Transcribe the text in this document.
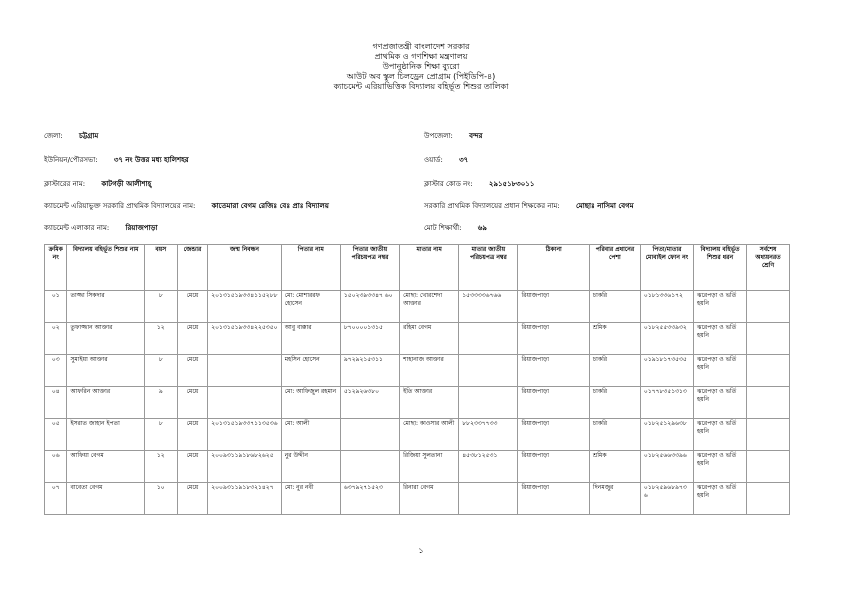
গণপ্রজাতন্ত্রী বাংলাদেশ সরকার
প্রাথমিক ও গণশিক্ষা মন্ত্রণালয়
উপানুষ্ঠানিক শিক্ষা ব্যুরো
আউট অব স্কুল চিলড্রেন প্রোগ্রাম (পিইডিপি-৪)
ক্যাচমেন্ট এরিয়াভিত্তিক বিদ্যালয় বহির্ভূত শিশুর তালিকা
জেলা: চট্টগ্রাম	উপজেলা: বন্দর
ইউনিয়ন/পৌরসভা: ৩৭ নং উত্তর মধ্য হালিশহর	ওয়ার্ড: ৩৭
ক্লাস্টারের নাম: কাটগড়ী আলীশাহ্	ক্লাস্টার কোড নং: ২৯১৫১৮৩০১১
ক্যাচমেন্ট এরিয়াভুক্ত সরকারি প্রাথমিক বিদ্যালয়ের নাম: কাতেমারা বেগম রেজিঃ বেঃ প্রাঃ বিদ্যালয়	সরকারি প্রাথমিক বিদ্যালয়ের প্রধান শিক্ষকের নাম: মোছাঃ নাসিমা বেগম
ক্যাচমেন্ট এলাকার নাম: রিয়াজপাড়া	মোট শিক্ষার্থী: ৬৯
ক্রমিক নং	বিদ্যালয় বহির্ভূত শিশুর নাম	বয়স	জেন্ডার	জন্ম নিবন্ধন	পিতার নাম	পিতার জাতীয় পরিচয়পত্র নম্বর	মাতার নাম	মাতার জাতীয় পরিচয়পত্র নম্বর	ঠিকানা	পরিবার প্রধানের পেশা	পিতা/মাতার মোবাইল ফোন নং	বিদ্যালয় বহির্ভূত শিশুর ধরন	সর্বশেষ অধ্যয়নরত শ্রেণি
০১	তাজ্জা সিকদার	৮	মেয়ে	২০১৩১৫১৯৩৩৪১১৫২৮৮	মো: মোশাররফ হোসেন	১৫০২৩৯৩৩৪৭ ৬০	মোছা: খোরশেদা আক্তার	১৫৩৩৩৩৬৭৬৬	রিয়াজপাড়া	চাকরি	০১৮১৩৩৬১৭২	ঝরেপড়া ও ভর্তি হয়নি	
০২	তুফাজ্জান আক্তার	১২	মেয়ে	২০১৩১৫১৯৩৩৪২২৫৩৫০	আবু বাক্কার	৮৭০০০০১৩১৫	রহিমা বেগম		রিয়াজপাড়া	শ্রমিক	০১৮২৫৫৩৩৯৩২	ঝরেপড়া ও ভর্তি হয়নি	
০৩	সুমাইয়া আক্তার	৮	মেয়ে		মহসিন হোসেন	৯৭২৯২১৫৩১১	শাহানাজ আক্তার		রিয়াজপাড়া	চাকরি	০১৯১৮১৭৩৫৩৫	ঝরেপড়া ও ভর্তি হয়নি	
০৪	আফরিন আক্তার	৯	মেয়ে		মো: আফিজুল রহমান	৫১২৯২৬৩৮০	ইতি আক্তার		রিয়াজপাড়া	চাকরি	০১৭৭৮৩৫১৩১৩	ঝরেপড়া ও ভর্তি হয়নি	
০৫	ইসরাত জাহান ইপতা	৮	মেয়ে	২০১৩১৫১৯৩৩৭১১৩৫৩৬	মো: আলী		মোছা: কাওসার আলী	৮৮২৩৩৭৭৩৩	রিয়াজপাড়া	চাকরি	০১৮২৫১২৯৬৩৮	ঝরেপড়া ও ভর্তি হয়নি	
০৬	আফিয়া বেগম	১২	মেয়ে	২০০৯৩১১৯১৮৬৮২৬২৫	নুর উদ্দীন		রিজিয়া সুলতানা	৪৫৩৮১২৫৩১	রিয়াজপাড়া	শ্রমিক	০১৮২৫৬৬৩৩৯৬	ঝরেপড়া ও ভর্তি হয়নি	
০৭	বাবেতা বেগম	১০	মেয়ে	২০০৯৩১১৯১৮৩২১৪২৭	মো: নুর নবী	৬৩৭৯২৭১৫২৩	রিনারা বেগম		রিয়াজপাড়া	দিনমজুর	০১৮২৫৯৬৮৯৭৩৬	ঝরেপড়া ও ভর্তি হয়নি	
১
